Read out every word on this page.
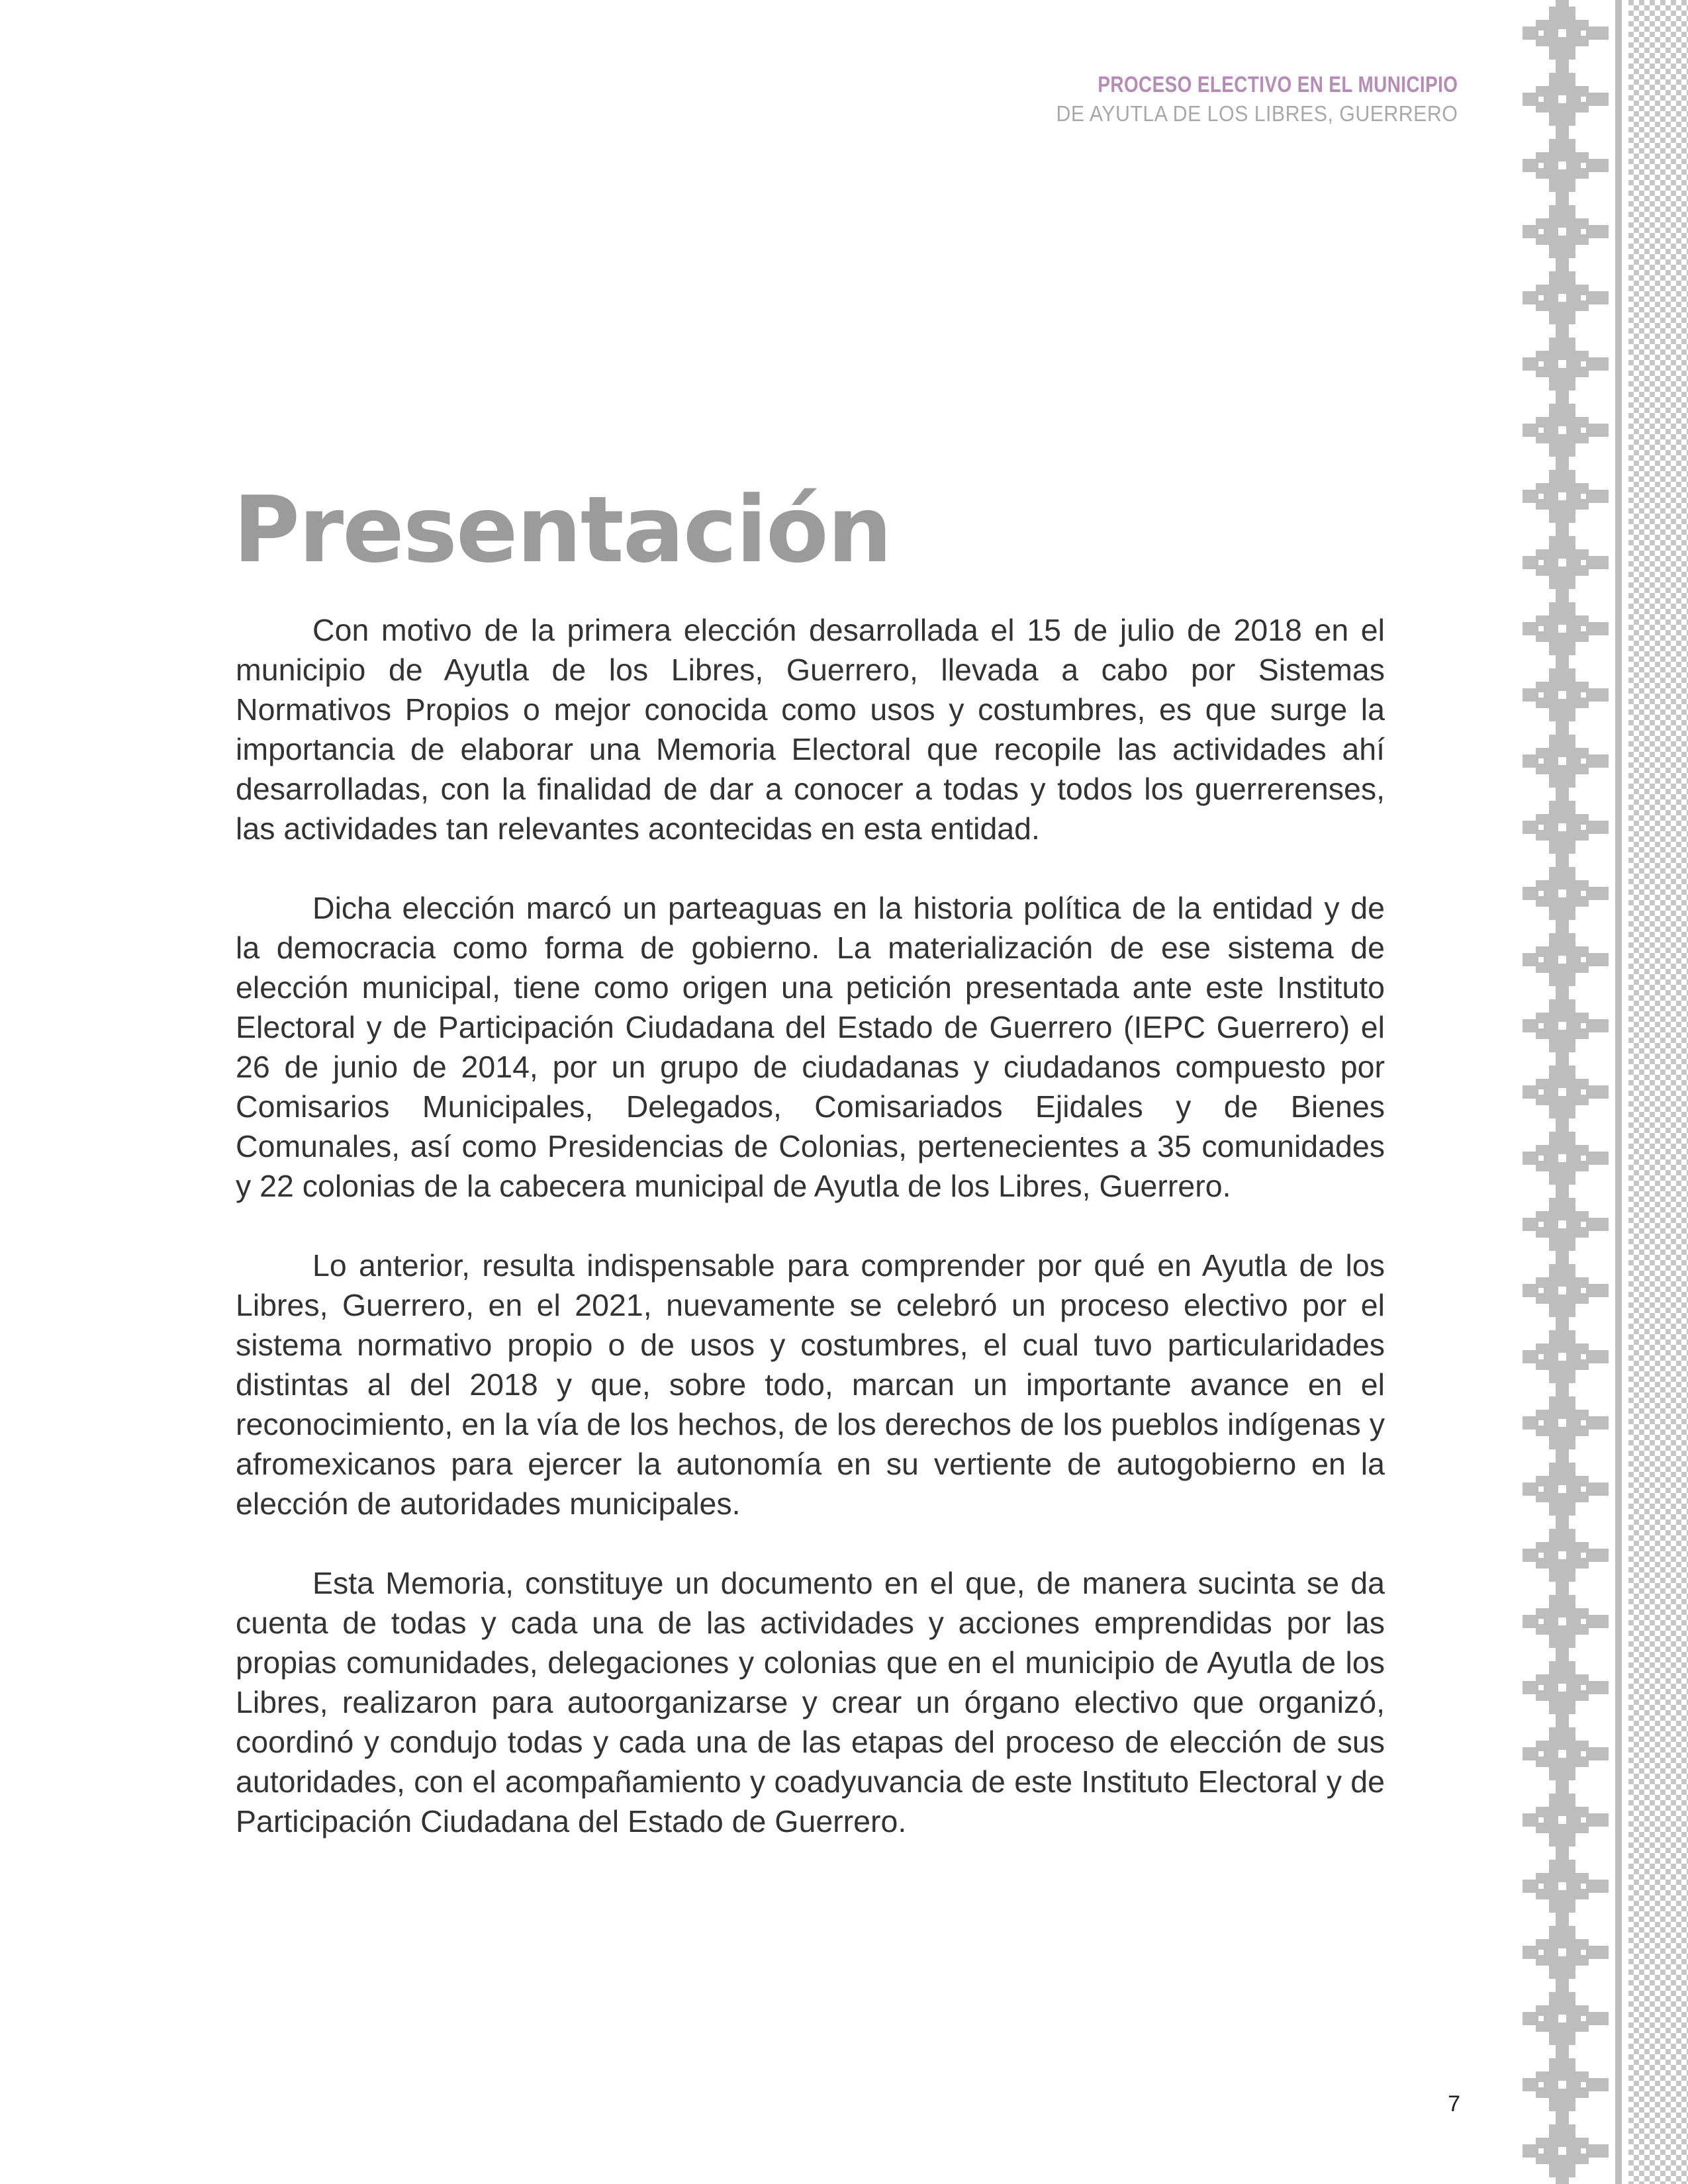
PROCESO ELECTIVO EN EL MUNICIPIO
DE AYUTLA DE LOS LIBRES, GUERRERO
Presentación

Con motivo de la primera elección desarrollada el 15 de julio de 2018 en el municipio de Ayutla de los Libres, Guerrero, llevada a cabo por Sistemas Normativos Propios o mejor conocida como usos y costumbres, es que surge la importancia de elaborar una Memoria Electoral que recopile las actividades ahí desarrolladas, con la finalidad de dar a conocer a todas y todos los guerrerenses, las actividades tan relevantes acontecidas en esta entidad.

Dicha elección marcó un parteaguas en la historia política de la entidad y de la democracia como forma de gobierno. La materialización de ese sistema de elección municipal, tiene como origen una petición presentada ante este Instituto Electoral y de Participación Ciudadana del Estado de Guerrero (IEPC Guerrero) el 26 de junio de 2014, por un grupo de ciudadanas y ciudadanos compuesto por Comisarios Municipales, Delegados, Comisariados Ejidales y de Bienes Comunales, así como Presidencias de Colonias, pertenecientes a 35 comunidades y 22 colonias de la cabecera municipal de Ayutla de los Libres, Guerrero.

Lo anterior, resulta indispensable para comprender por qué en Ayutla de los Libres, Guerrero, en el 2021, nuevamente se celebró un proceso electivo por el sistema normativo propio o de usos y costumbres, el cual tuvo particularidades distintas al del 2018 y que, sobre todo, marcan un importante avance en el reconocimiento, en la vía de los hechos, de los derechos de los pueblos indígenas y afromexicanos para ejercer la autonomía en su vertiente de autogobierno en la elección de autoridades municipales.

Esta Memoria, constituye un documento en el que, de manera sucinta se da cuenta de todas y cada una de las actividades y acciones emprendidas por las propias comunidades, delegaciones y colonias que en el municipio de Ayutla de los Libres, realizaron para autoorganizarse y crear un órgano electivo que organizó, coordinó y condujo todas y cada una de las etapas del proceso de elección de sus autoridades, con el acompañamiento y coadyuvancia de este Instituto Electoral y de Participación Ciudadana del Estado de Guerrero.

7
